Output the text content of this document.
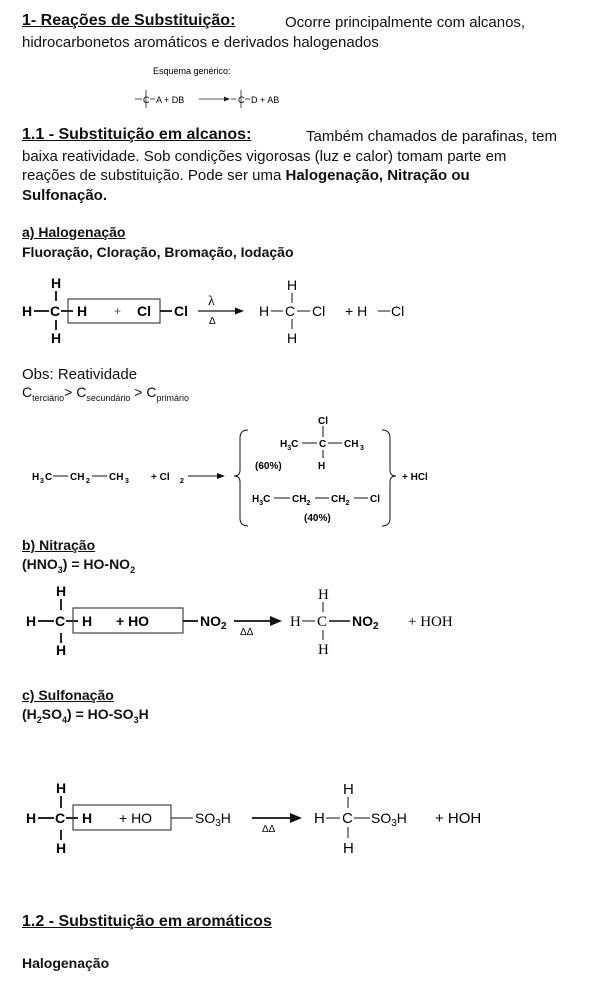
1- Reações de Substituição:	Ocorre principalmente com alcanos,
hidrocarbonetos aromáticos e derivados halogenados
Esquema genérico:
C A + DB	C D + AB
1.1 - Substituição em alcanos:	Também chamados de parafinas, tem
baixa reatividade. Sob condições vigorosas (luz e calor) tomam parte em
reações de substituição. Pode ser uma Halogenação, Nitração ou
Sulfonação.
a) Halogenação
Fluoração, Cloração, Bromação, Iodação
H
H C H + Cl Cl
λ
Δ
H
H C Cl
H
+ H Cl
H
Obs: Reatividade
$C_{terciário}> C_{secundário} > C_{primário}$
H 3 C CH 2 CH 3 + Cl 2
Cl
$H_3C$ C CH 3
H
(60%)
$H_3C$ $CH_2$ $CH_2$ Cl
(40%)
+ HCl
b) Nitração
$(HNO_3) = HO-NO_2$
H
H C H + HO	$NO_2$
ΔΔ
H
H C $NO_2$
H
+ HOH
H
c) Sulfonação
$(H_2SO_4) = HO-SO_3H$
H
H C H + HO	$SO_3H$
ΔΔ
H
H C $SO_3H$
H
+ HOH
H
1.2 - Substituição em aromáticos
Halogenação
